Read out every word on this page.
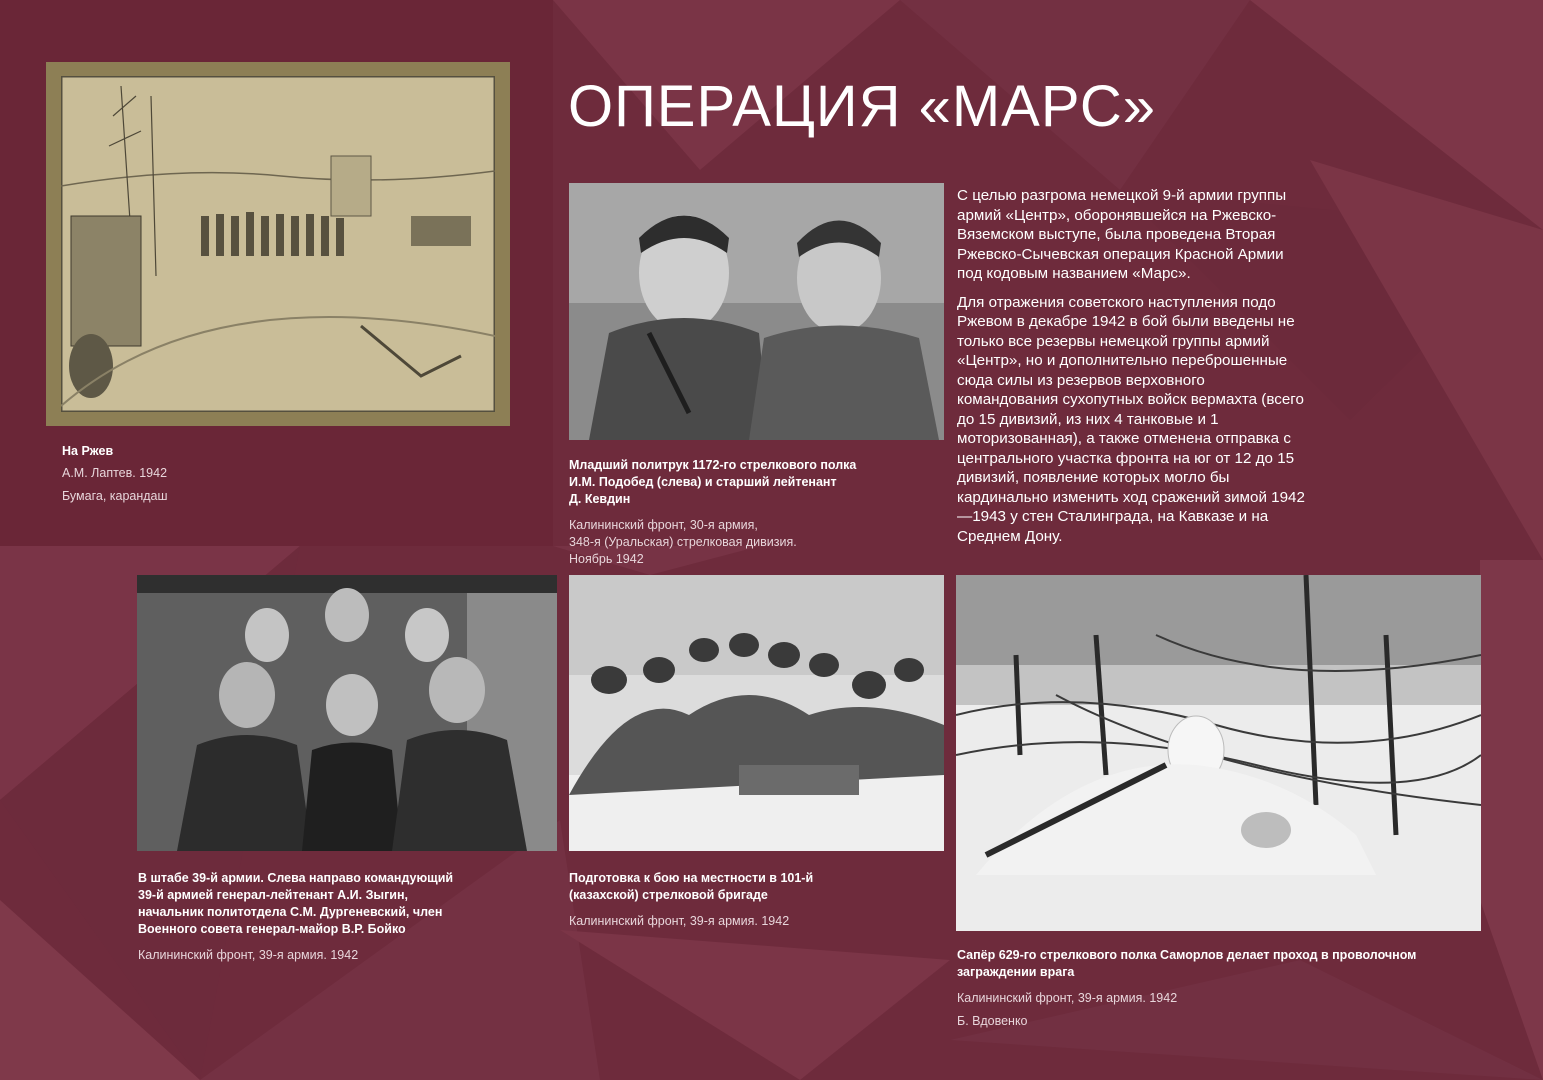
На Ржев

А.М. Лаптев. 1942
Бумага, карандаш
ОПЕРАЦИЯ «МАРС»

Младший политрук 1172-го стрелкового полка
И.М. Подобед (слева) и старший лейтенант
Д. Кевдин

Калининский фронт, 30-я армия,
348-я (Уральская) стрелковая дивизия.
Ноябрь 1942

С целью разгрома немецкой 9-й армии группы армий «Центр», оборонявшейся на Ржевско-Вяземском выступе, была проведена Вторая Ржевско-Сычевская операция Красной Армии под кодовым названием «Марс».

Для отражения советского наступления подо Ржевом в декабре 1942 в бой были введены не только все резервы немецкой группы армий «Центр», но и дополнительно переброшенные сюда силы из резервов верховного командования сухопутных войск вермахта (всего до 15 дивизий, из них 4 танковые и 1 моторизованная), а также отменена отправка с центрального участка фронта на юг от 12 до 15 дивизий, появление которых могло бы кардинально изменить ход сражений зимой 1942—1943 у стен Сталинграда, на Кавказе и на Среднем Дону.

В штабе 39-й армии. Слева направо командующий
39-й армией генерал-лейтенант А.И. Зыгин,
начальник политотдела С.М. Дургеневский, член
Военного совета генерал-майор В.Р. Бойко

Калининский фронт, 39-я армия. 1942

Подготовка к бою на местности в 101-й
(казахской) стрелковой бригаде

Калининский фронт, 39-я армия. 1942

Сапёр 629-го стрелкового полка Саморлов делает проход в проволочном
заграждении врага

Калининский фронт, 39-я армия. 1942
Б. Вдовенко
